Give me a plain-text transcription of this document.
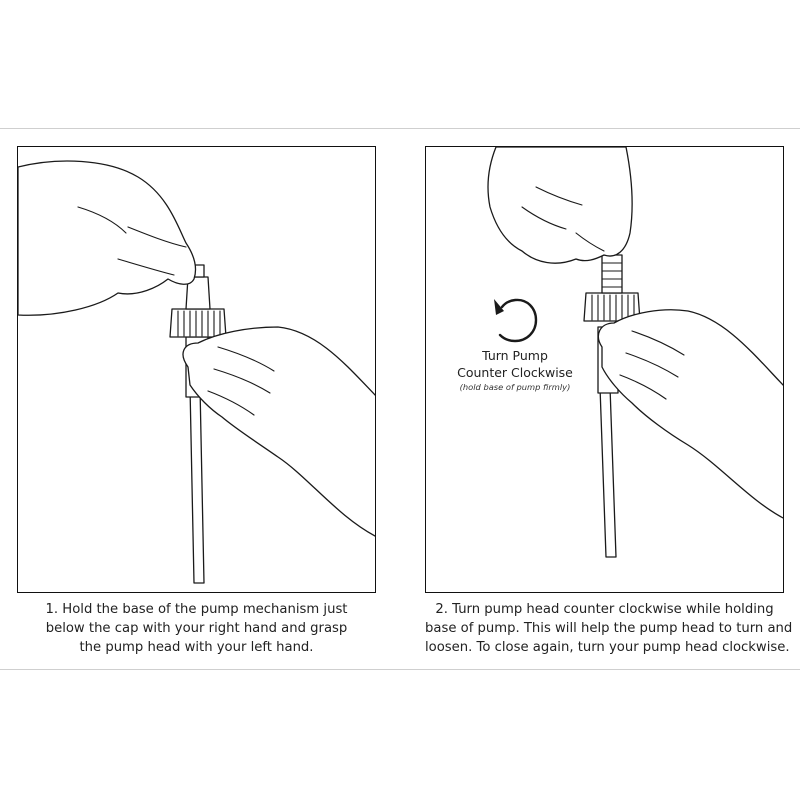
Turn Pump
Counter Clockwise
(hold base of pump firmly)
1. Hold the base of the pump mechanism just
below the cap with your right hand and grasp
the pump head with your left hand.
2. Turn pump head counter clockwise while holding
base of pump. This will help the pump head to turn and
loosen. To close again, turn your pump head clockwise.
